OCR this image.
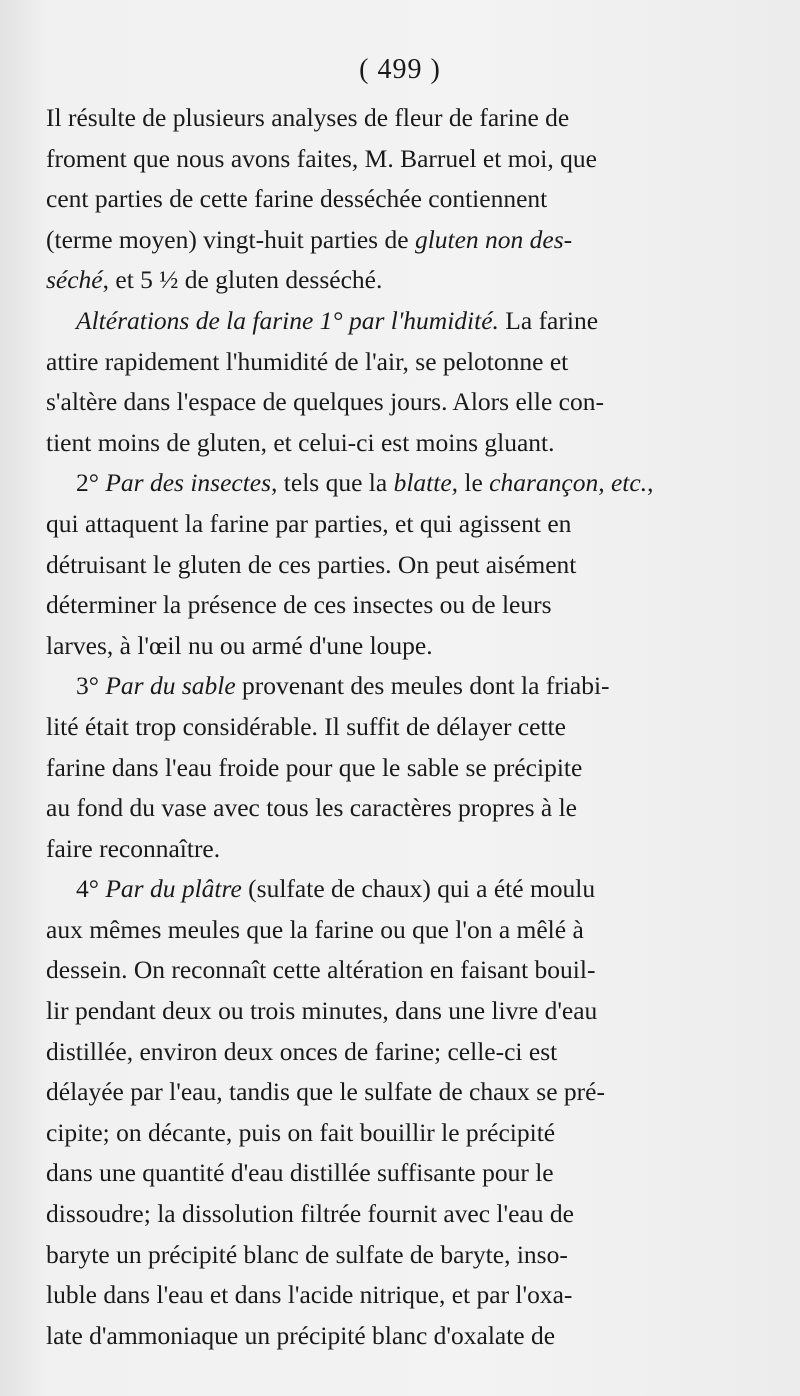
( 499 )
Il résulte de plusieurs analyses de fleur de farine de
froment que nous avons faites, M. Barruel et moi, que
cent parties de cette farine desséchée contiennent
(terme moyen) vingt-huit parties de gluten non des-
séché, et 5 ½ de gluten desséché.
Altérations de la farine 1° par l'humidité. La farine
attire rapidement l'humidité de l'air, se pelotonne et
s'altère dans l'espace de quelques jours. Alors elle con-
tient moins de gluten, et celui-ci est moins gluant.
2° Par des insectes, tels que la blatte, le charançon, etc.,
qui attaquent la farine par parties, et qui agissent en
détruisant le gluten de ces parties. On peut aisément
déterminer la présence de ces insectes ou de leurs
larves, à l'œil nu ou armé d'une loupe.
3° Par du sable provenant des meules dont la friabi-
lité était trop considérable. Il suffit de délayer cette
farine dans l'eau froide pour que le sable se précipite
au fond du vase avec tous les caractères propres à le
faire reconnaître.
4° Par du plâtre (sulfate de chaux) qui a été moulu
aux mêmes meules que la farine ou que l'on a mêlé à
dessein. On reconnaît cette altération en faisant bouil-
lir pendant deux ou trois minutes, dans une livre d'eau
distillée, environ deux onces de farine; celle-ci est
délayée par l'eau, tandis que le sulfate de chaux se pré-
cipite; on décante, puis on fait bouillir le précipité
dans une quantité d'eau distillée suffisante pour le
dissoudre; la dissolution filtrée fournit avec l'eau de
baryte un précipité blanc de sulfate de baryte, inso-
luble dans l'eau et dans l'acide nitrique, et par l'oxa-
late d'ammoniaque un précipité blanc d'oxalate de
